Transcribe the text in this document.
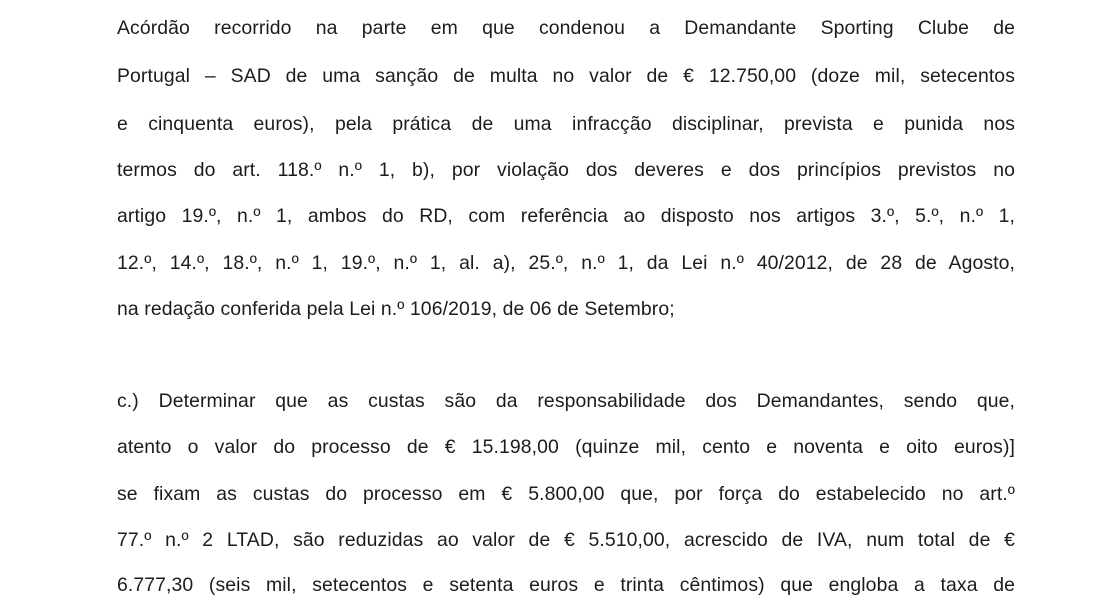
Acórdão recorrido na parte em que condenou a Demandante Sporting Clube de
Portugal – SAD de uma sanção de multa no valor de € 12.750,00 (doze mil, setecentos
e cinquenta euros), pela prática de uma infracção disciplinar, prevista e punida nos
termos do art. 118.º n.º 1, b), por violação dos deveres e dos princípios previstos no
artigo 19.º, n.º 1, ambos do RD, com referência ao disposto nos artigos 3.º, 5.º, n.º 1,
12.º, 14.º, 18.º, n.º 1, 19.º, n.º 1, al. a), 25.º, n.º 1, da Lei n.º 40/2012, de 28 de Agosto,
na redação conferida pela Lei n.º 106/2019, de 06 de Setembro;
c.) Determinar que as custas são da responsabilidade dos Demandantes, sendo que,
atento o valor do processo de € 15.198,00 (quinze mil, cento e noventa e oito euros)]
se fixam as custas do processo em € 5.800,00 que, por força do estabelecido no art.º
77.º n.º 2 LTAD, são reduzidas ao valor de € 5.510,00, acrescido de IVA, num total de €
6.777,30 (seis mil, setecentos e setenta euros e trinta cêntimos) que engloba a taxa de
